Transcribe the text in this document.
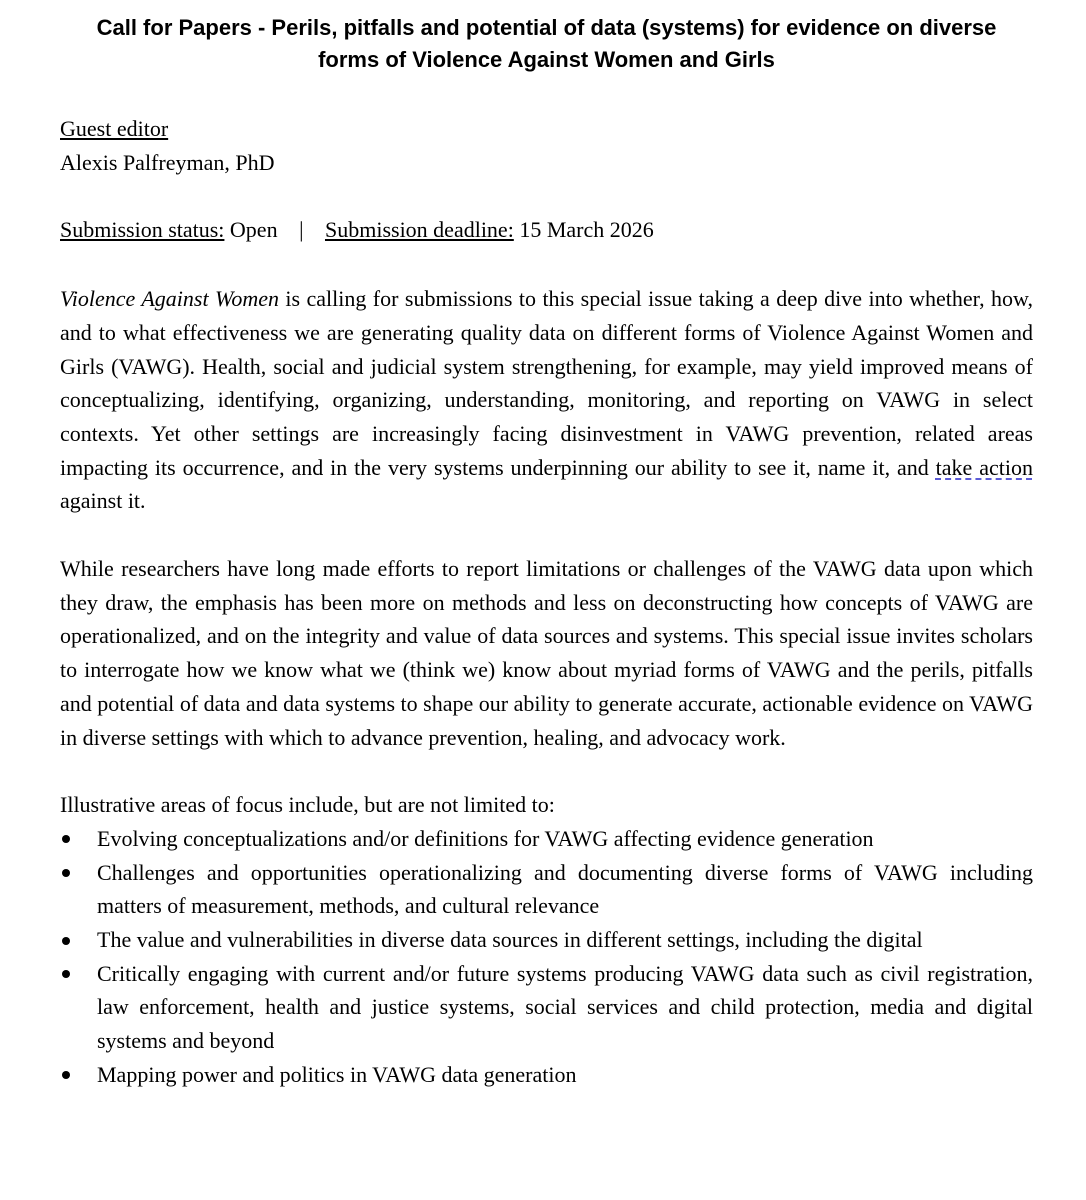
Call for Papers - Perils, pitfalls and potential of data (systems) for evidence on diverse forms of Violence Against Women and Girls
Guest editor
Alexis Palfreyman, PhD
Submission status: Open | Submission deadline: 15 March 2026

Violence Against Women is calling for submissions to this special issue taking a deep dive into whether, how, and to what effectiveness we are generating quality data on different forms of Violence Against Women and Girls (VAWG). Health, social and judicial system strengthening, for example, may yield improved means of conceptualizing, identifying, organizing, understanding, monitoring, and reporting on VAWG in select contexts. Yet other settings are increasingly facing disinvestment in VAWG prevention, related areas impacting its occurrence, and in the very systems underpinning our ability to see it, name it, and take action against it.

While researchers have long made efforts to report limitations or challenges of the VAWG data upon which they draw, the emphasis has been more on methods and less on deconstructing how concepts of VAWG are operationalized, and on the integrity and value of data sources and systems. This special issue invites scholars to interrogate how we know what we (think we) know about myriad forms of VAWG and the perils, pitfalls and potential of data and data systems to shape our ability to generate accurate, actionable evidence on VAWG in diverse settings with which to advance prevention, healing, and advocacy work.

Illustrative areas of focus include, but are not limited to:

Evolving conceptualizations and/or definitions for VAWG affecting evidence generation
Challenges and opportunities operationalizing and documenting diverse forms of VAWG including matters of measurement, methods, and cultural relevance
The value and vulnerabilities in diverse data sources in different settings, including the digital
Critically engaging with current and/or future systems producing VAWG data such as civil registration, law enforcement, health and justice systems, social services and child protection, media and digital systems and beyond
Mapping power and politics in VAWG data generation
